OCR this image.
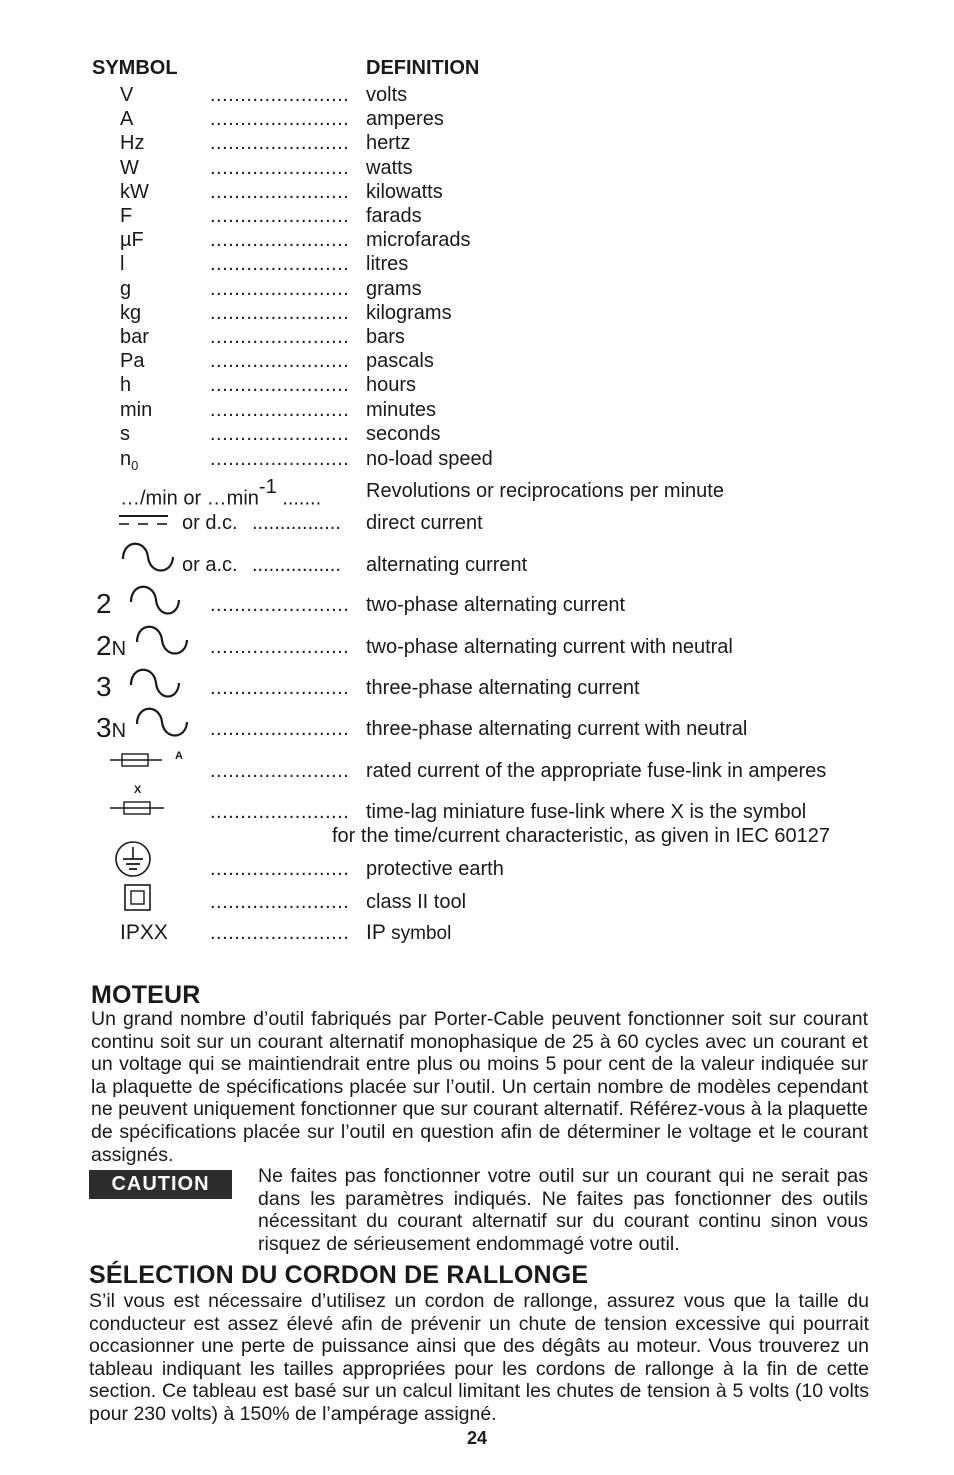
SYMBOL	DEFINITION
V	....................... volts
A	....................... amperes
Hz	....................... hertz
W	....................... watts
kW	....................... kilowatts
F	....................... farads
µF	....................... microfarads
l	....................... litres
g	....................... grams
kg	....................... kilograms
bar	....................... bars
Pa	....................... pascals
h	....................... hours
min	....................... minutes
s	....................... seconds
$n_0$	....................... no-load speed
…/min or $\dots\min^{-1}$ ....... Revolutions or reciprocations per minute
or d.c. ................ direct current
or a.c. ................ alternating current
2	....................... two-phase alternating current
2N	....................... two-phase alternating current with neutral
3	....................... three-phase alternating current
3N	....................... three-phase alternating current with neutral
A
....................... rated current of the appropriate fuse-link in amperes
X
....................... time-lag miniature fuse-link where X is the symbol
for the time/current characteristic, as given in IEC 60127
....................... protective earth
....................... class II tool
IPXX ....................... IP symbol
MOTEUR

Un grand nombre d’outil fabriqués par Porter-Cable peuvent fonctionner soit sur courant continu soit sur un courant alternatif monophasique de 25 à 60 cycles avec un courant et un voltage qui se maintiendrait entre plus ou moins 5 pour cent de la valeur indiquée sur la plaquette de spécifications placée sur l’outil. Un certain nombre de modèles cependant ne peuvent uniquement fonctionner que sur courant alternatif. Référez-vous à la plaquette de spécifications placée sur l’outil en question afin de déterminer le voltage et le courant assignés.

CAUTION	Ne faites pas fonctionner votre outil sur un courant qui ne serait pas dans les paramètres indiqués. Ne faites pas fonctionner des outils nécessitant du courant alternatif sur du courant continu sinon vous risquez de sérieusement endommagé votre outil.

SÉLECTION DU CORDON DE RALLONGE

S’il vous est nécessaire d’utilisez un cordon de rallonge, assurez vous que la taille du conducteur est assez élevé afin de prévenir un chute de tension excessive qui pourrait occasionner une perte de puissance ainsi que des dégâts au moteur. Vous trouverez un tableau indiquant les tailles appropriées pour les cordons de rallonge à la fin de cette section. Ce tableau est basé sur un calcul limitant les chutes de tension à 5 volts (10 volts pour 230 volts) à 150% de l’ampérage assigné.

24
